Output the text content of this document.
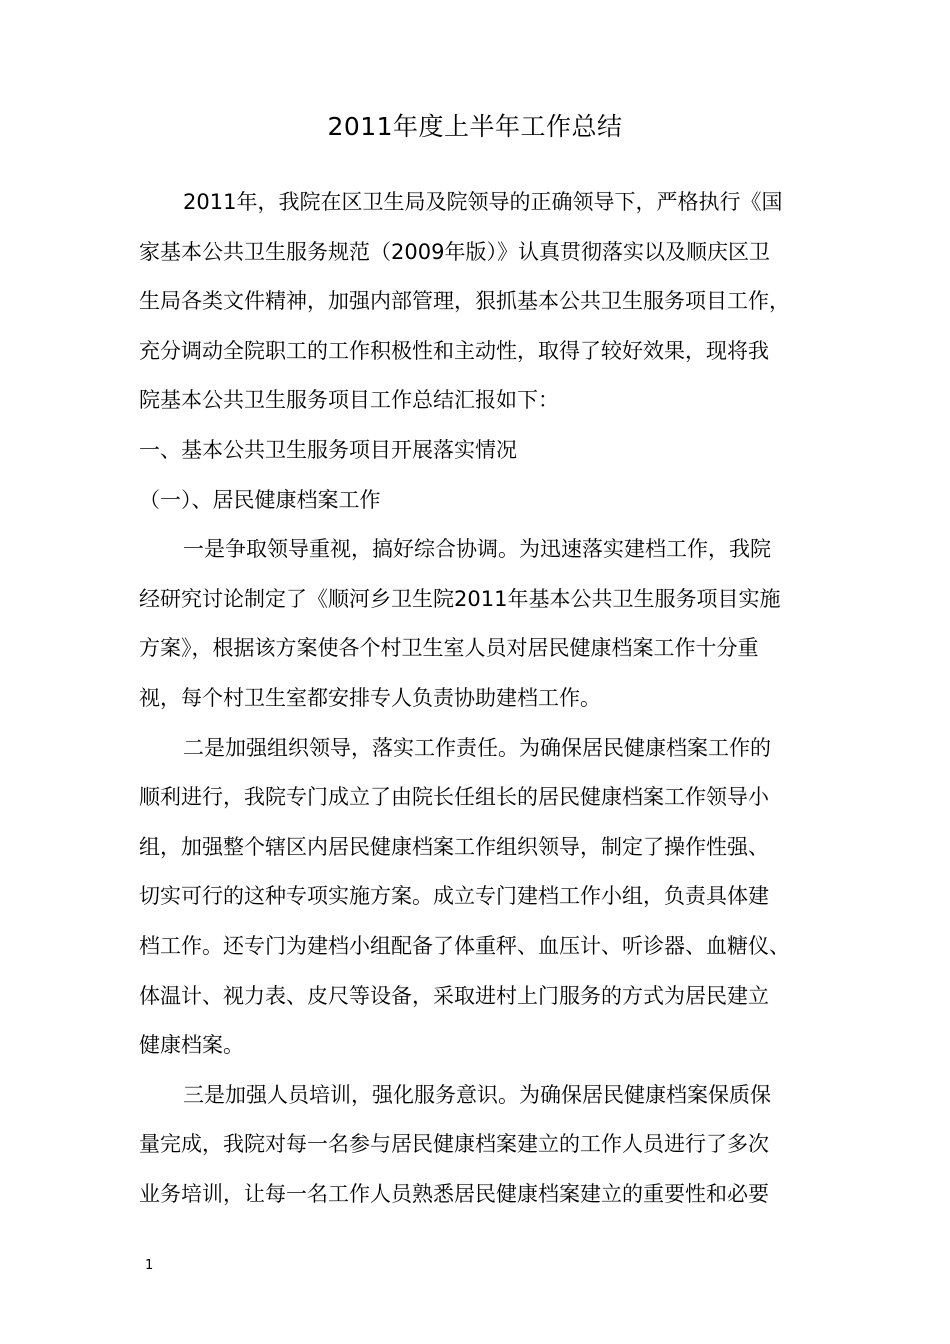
2011年度上半年工作总结
2011年，我院在区卫生局及院领导的正确领导下，严格执行《国
家基本公共卫生服务规范（2009年版）》认真贯彻落实以及顺庆区卫
生局各类文件精神，加强内部管理，狠抓基本公共卫生服务项目工作，
充分调动全院职工的工作积极性和主动性，取得了较好效果，现将我
院基本公共卫生服务项目工作总结汇报如下：
一、基本公共卫生服务项目开展落实情况
（一）、居民健康档案工作
一是争取领导重视，搞好综合协调。为迅速落实建档工作，我院
经研究讨论制定了《顺河乡卫生院2011年基本公共卫生服务项目实施
方案》，根据该方案使各个村卫生室人员对居民健康档案工作十分重
视，每个村卫生室都安排专人负责协助建档工作。
二是加强组织领导，落实工作责任。为确保居民健康档案工作的
顺利进行，我院专门成立了由院长任组长的居民健康档案工作领导小
组，加强整个辖区内居民健康档案工作组织领导，制定了操作性强、
切实可行的这种专项实施方案。成立专门建档工作小组，负责具体建
档工作。还专门为建档小组配备了体重秤、血压计、听诊器、血糖仪、
体温计、视力表、皮尺等设备，采取进村上门服务的方式为居民建立
健康档案。
三是加强人员培训，强化服务意识。为确保居民健康档案保质保
量完成，我院对每一名参与居民健康档案建立的工作人员进行了多次
业务培训，让每一名工作人员熟悉居民健康档案建立的重要性和必要
1
